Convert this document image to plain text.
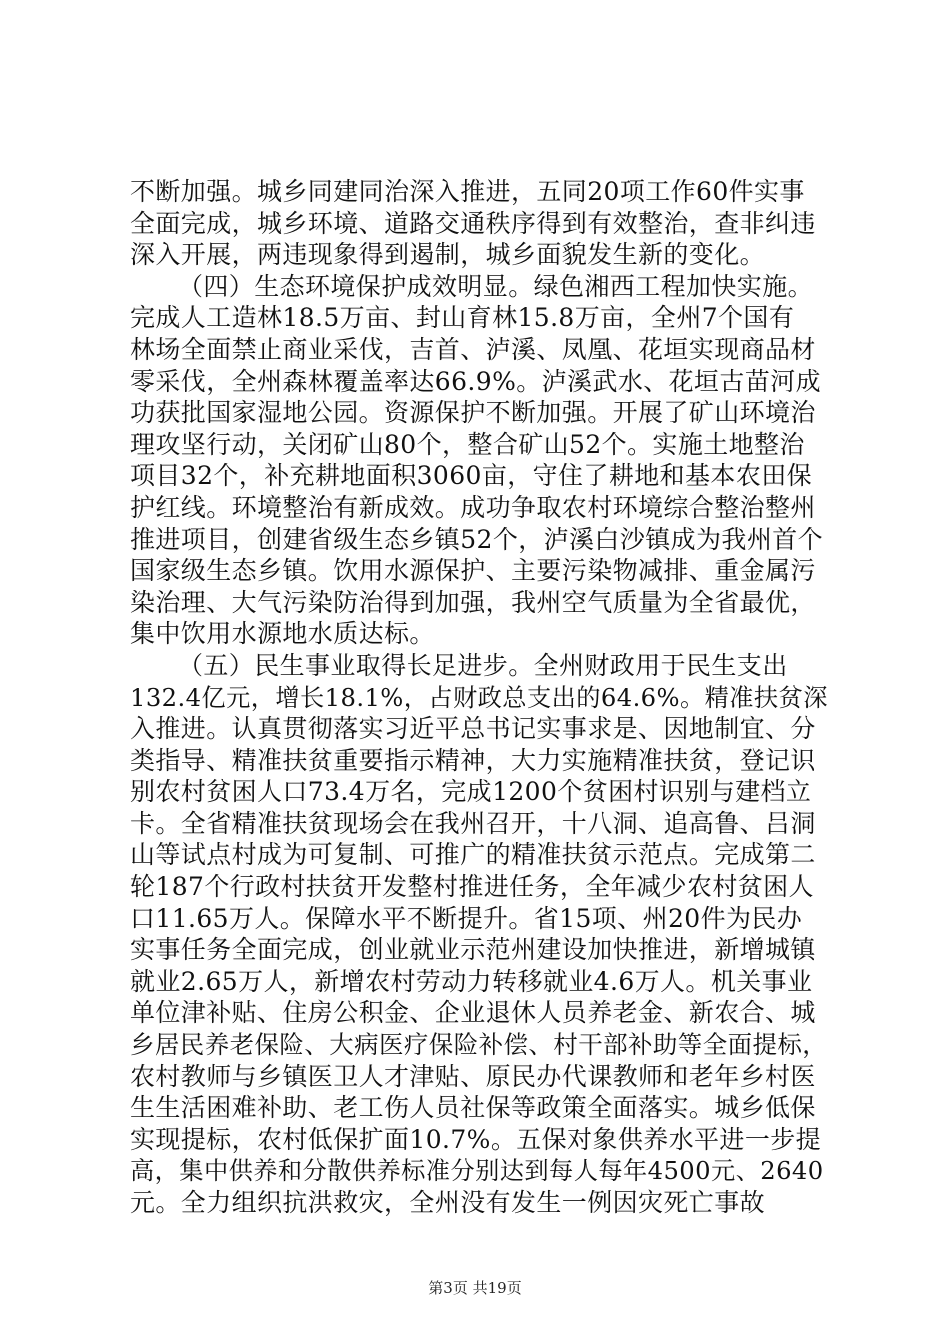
不断加强。城乡同建同治深入推进，五同20项工作60件实事
全面完成，城乡环境、道路交通秩序得到有效整治，查非纠违
深入开展，两违现象得到遏制，城乡面貌发生新的变化。
（四）生态环境保护成效明显。绿色湘西工程加快实施。
完成人工造林18.5万亩、封山育林15.8万亩，全州7个国有
林场全面禁止商业采伐，吉首、泸溪、凤凰、花垣实现商品材
零采伐，全州森林覆盖率达66.9%。泸溪武水、花垣古苗河成
功获批国家湿地公园。资源保护不断加强。开展了矿山环境治
理攻坚行动，关闭矿山80个，整合矿山52个。实施土地整治
项目32个，补充耕地面积3060亩，守住了耕地和基本农田保
护红线。环境整治有新成效。成功争取农村环境综合整治整州
推进项目，创建省级生态乡镇52个，泸溪白沙镇成为我州首个
国家级生态乡镇。饮用水源保护、主要污染物减排、重金属污
染治理、大气污染防治得到加强，我州空气质量为全省最优，
集中饮用水源地水质达标。
（五）民生事业取得长足进步。全州财政用于民生支出
132.4亿元，增长18.1%，占财政总支出的64.6%。精准扶贫深
入推进。认真贯彻落实习近平总书记实事求是、因地制宜、分
类指导、精准扶贫重要指示精神，大力实施精准扶贫，登记识
别农村贫困人口73.4万名，完成1200个贫困村识别与建档立
卡。全省精准扶贫现场会在我州召开，十八洞、追高鲁、吕洞
山等试点村成为可复制、可推广的精准扶贫示范点。完成第二
轮187个行政村扶贫开发整村推进任务，全年减少农村贫困人
口11.65万人。保障水平不断提升。省15项、州20件为民办
实事任务全面完成，创业就业示范州建设加快推进，新增城镇
就业2.65万人，新增农村劳动力转移就业4.6万人。机关事业
单位津补贴、住房公积金、企业退休人员养老金、新农合、城
乡居民养老保险、大病医疗保险补偿、村干部补助等全面提标，
农村教师与乡镇医卫人才津贴、原民办代课教师和老年乡村医
生生活困难补助、老工伤人员社保等政策全面落实。城乡低保
实现提标，农村低保扩面10.7%。五保对象供养水平进一步提
高，集中供养和分散供养标准分别达到每人每年4500元、2640
元。全力组织抗洪救灾，全州没有发生一例因灾死亡事故
第3页 共19页
